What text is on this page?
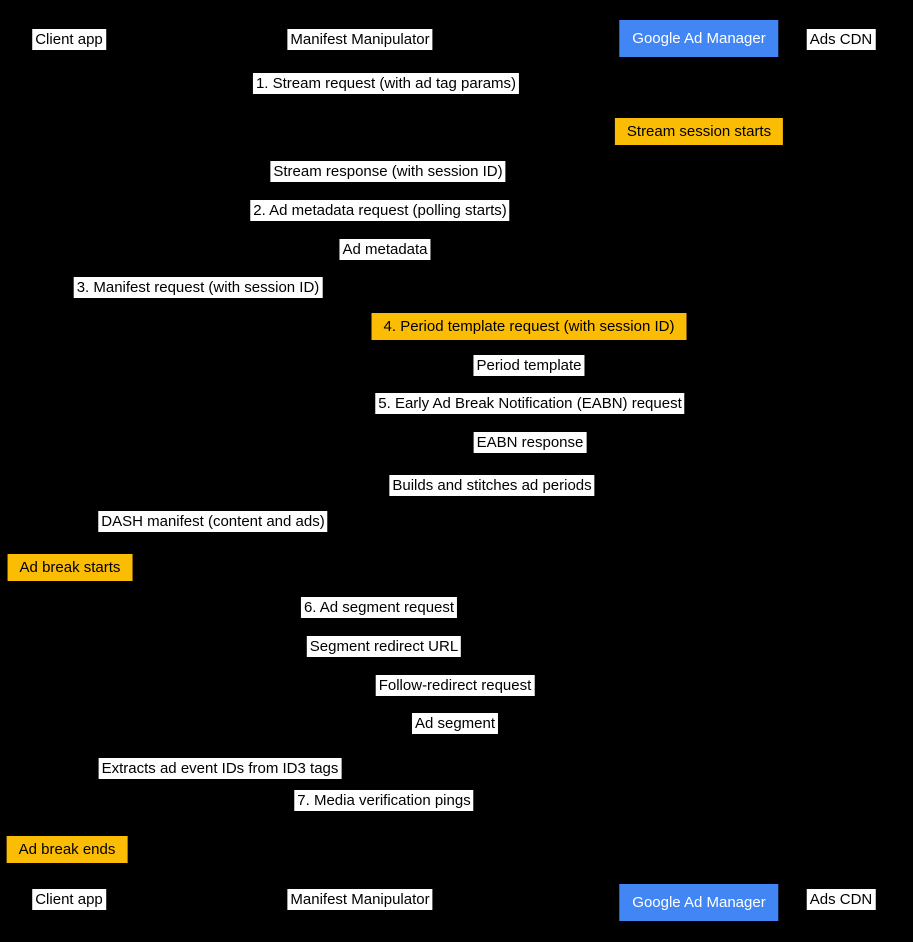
Client app	Manifest Manipulator	Google Ad Manager	Ads CDN
Client app	Manifest Manipulator	Google Ad Manager	Ads CDN
1. Stream request (with ad tag params)
Stream session starts
Stream response (with session ID)
2. Ad metadata request (polling starts)
Ad metadata
3. Manifest request (with session ID)
4. Period template request (with session ID)
Period template
5. Early Ad Break Notification (EABN) request
EABN response
Builds and stitches ad periods
DASH manifest (content and ads)
Ad break starts
6. Ad segment request
Segment redirect URL
Follow-redirect request
Ad segment
Extracts ad event IDs from ID3 tags
7. Media verification pings
Ad break ends
